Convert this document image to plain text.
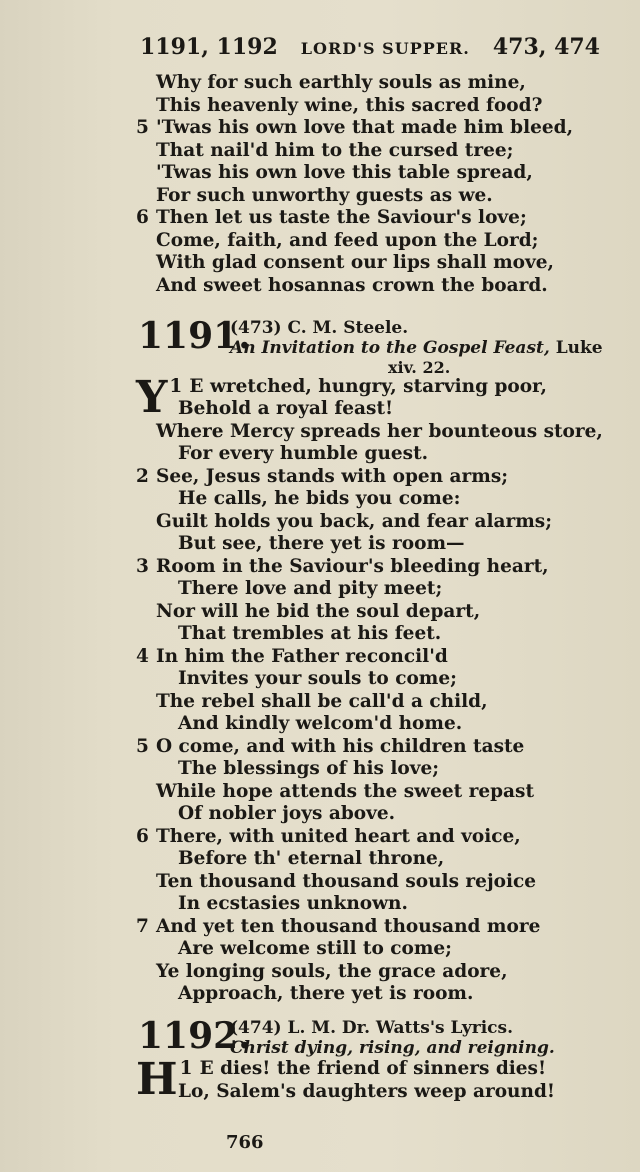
1191, 1192 LORD'S SUPPER. 473, 474
Why for such earthly souls as mine,
This heavenly wine, this sacred food?
5 'Twas his own love that made him bleed,
That nail'd him to the cursed tree;
'Twas his own love this table spread,
For such unworthy guests as we.
6 Then let us taste the Saviour's love;
Come, faith, and feed upon the Lord;
With glad consent our lips shall move,
And sweet hosannas crown the board.
1191.
(473) C. M. Steele.
An Invitation to the Gospel Feast, Luke
xiv. 22.
1
Y E wretched, hungry, starving poor,
Behold a royal feast!
Where Mercy spreads her bounteous store,
For every humble guest.
2 See, Jesus stands with open arms;
He calls, he bids you come:
Guilt holds you back, and fear alarms;
But see, there yet is room—
3 Room in the Saviour's bleeding heart,
There love and pity meet;
Nor will he bid the soul depart,
That trembles at his feet.
4 In him the Father reconcil'd
Invites your souls to come;
The rebel shall be call'd a child,
And kindly welcom'd home.
5 O come, and with his children taste
The blessings of his love;
While hope attends the sweet repast
Of nobler joys above.
6 There, with united heart and voice,
Before th' eternal throne,
Ten thousand thousand souls rejoice
In ecstasies unknown.
7 And yet ten thousand thousand more
Are welcome still to come;
Ye longing souls, the grace adore,
Approach, there yet is room.
1192.
(474) L. M. Dr. Watts's Lyrics.
Christ dying, rising, and reigning.
1
H E dies! the friend of sinners dies!
Lo, Salem's daughters weep around!
766
